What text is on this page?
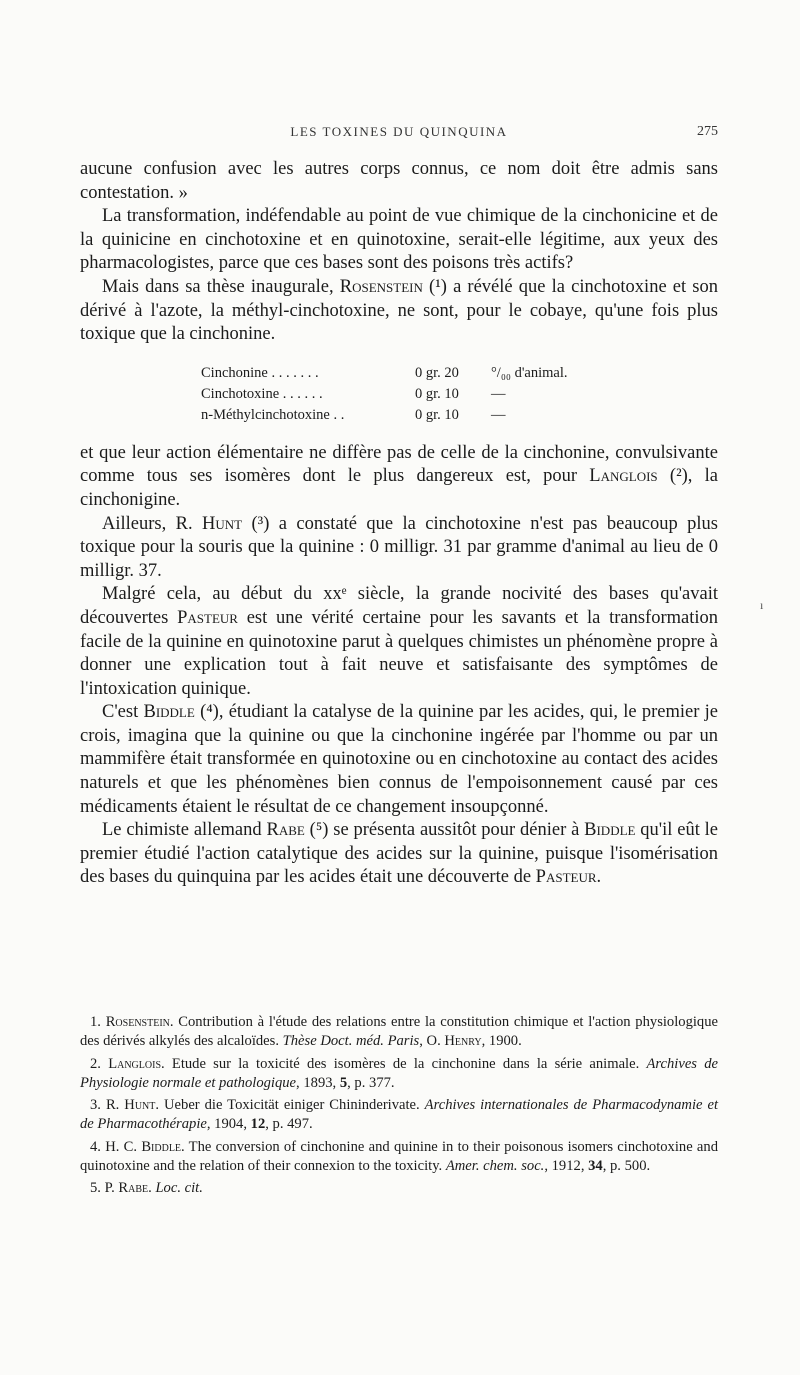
LES TOXINES DU QUINQUINA	275
ı

aucune confusion avec les autres corps connus, ce nom doit être admis sans contestation. »

La transformation, indéfendable au point de vue chimique de la cinchonicine et de la quinicine en cinchotoxine et en quinotoxine, serait-elle légitime, aux yeux des pharmacologistes, parce que ces bases sont des poisons très actifs?

Mais dans sa thèse inaugurale, Rosenstein (¹) a révélé que la cinchotoxine et son dérivé à l'azote, la méthyl-cinchotoxine, ne sont, pour le cobaye, qu'une fois plus toxique que la cinchonine.

Cinchonine . . . . . . .	0 gr. 20	°/₀₀ d'animal.
Cinchotoxine . . . . . .	0 gr. 10	—
n-Méthylcinchotoxine . .	0 gr. 10	—

et que leur action élémentaire ne diffère pas de celle de la cinchonine, convulsivante comme tous ses isomères dont le plus dangereux est, pour Langlois (²), la cinchonigine.

Ailleurs, R. Hunt (³) a constaté que la cinchotoxine n'est pas beaucoup plus toxique pour la souris que la quinine : 0 milligr. 31 par gramme d'animal au lieu de 0 milligr. 37.

Malgré cela, au début du xxᵉ siècle, la grande nocivité des bases qu'avait découvertes Pasteur est une vérité certaine pour les savants et la transformation facile de la quinine en quinotoxine parut à quelques chimistes un phénomène propre à donner une explication tout à fait neuve et satisfaisante des symptômes de l'intoxication quinique.

C'est Biddle (⁴), étudiant la catalyse de la quinine par les acides, qui, le premier je crois, imagina que la quinine ou que la cinchonine ingérée par l'homme ou par un mammifère était transformée en quinotoxine ou en cinchotoxine au contact des acides naturels et que les phénomènes bien connus de l'empoisonnement causé par ces médicaments étaient le résultat de ce changement insoupçonné.

Le chimiste allemand Rabe (⁵) se présenta aussitôt pour dénier à Biddle qu'il eût le premier étudié l'action catalytique des acides sur la quinine, puisque l'isomérisation des bases du quinquina par les acides était une découverte de Pasteur.

1. Rosenstein. Contribution à l'étude des relations entre la constitution chimique et l'action physiologique des dérivés alkylés des alcaloïdes. Thèse Doct. méd. Paris, O. Henry, 1900.

2. Langlois. Etude sur la toxicité des isomères de la cinchonine dans la série animale. Archives de Physiologie normale et pathologique, 1893, 5, p. 377.

3. R. Hunt. Ueber die Toxicität einiger Chininderivate. Archives internationales de Pharmacodynamie et de Pharmacothérapie, 1904, 12, p. 497.

4. H. C. Biddle. The conversion of cinchonine and quinine in to their poisonous isomers cinchotoxine and quinotoxine and the relation of their connexion to the toxicity. Amer. chem. soc., 1912, 34, p. 500.

5. P. Rabe. Loc. cit.
